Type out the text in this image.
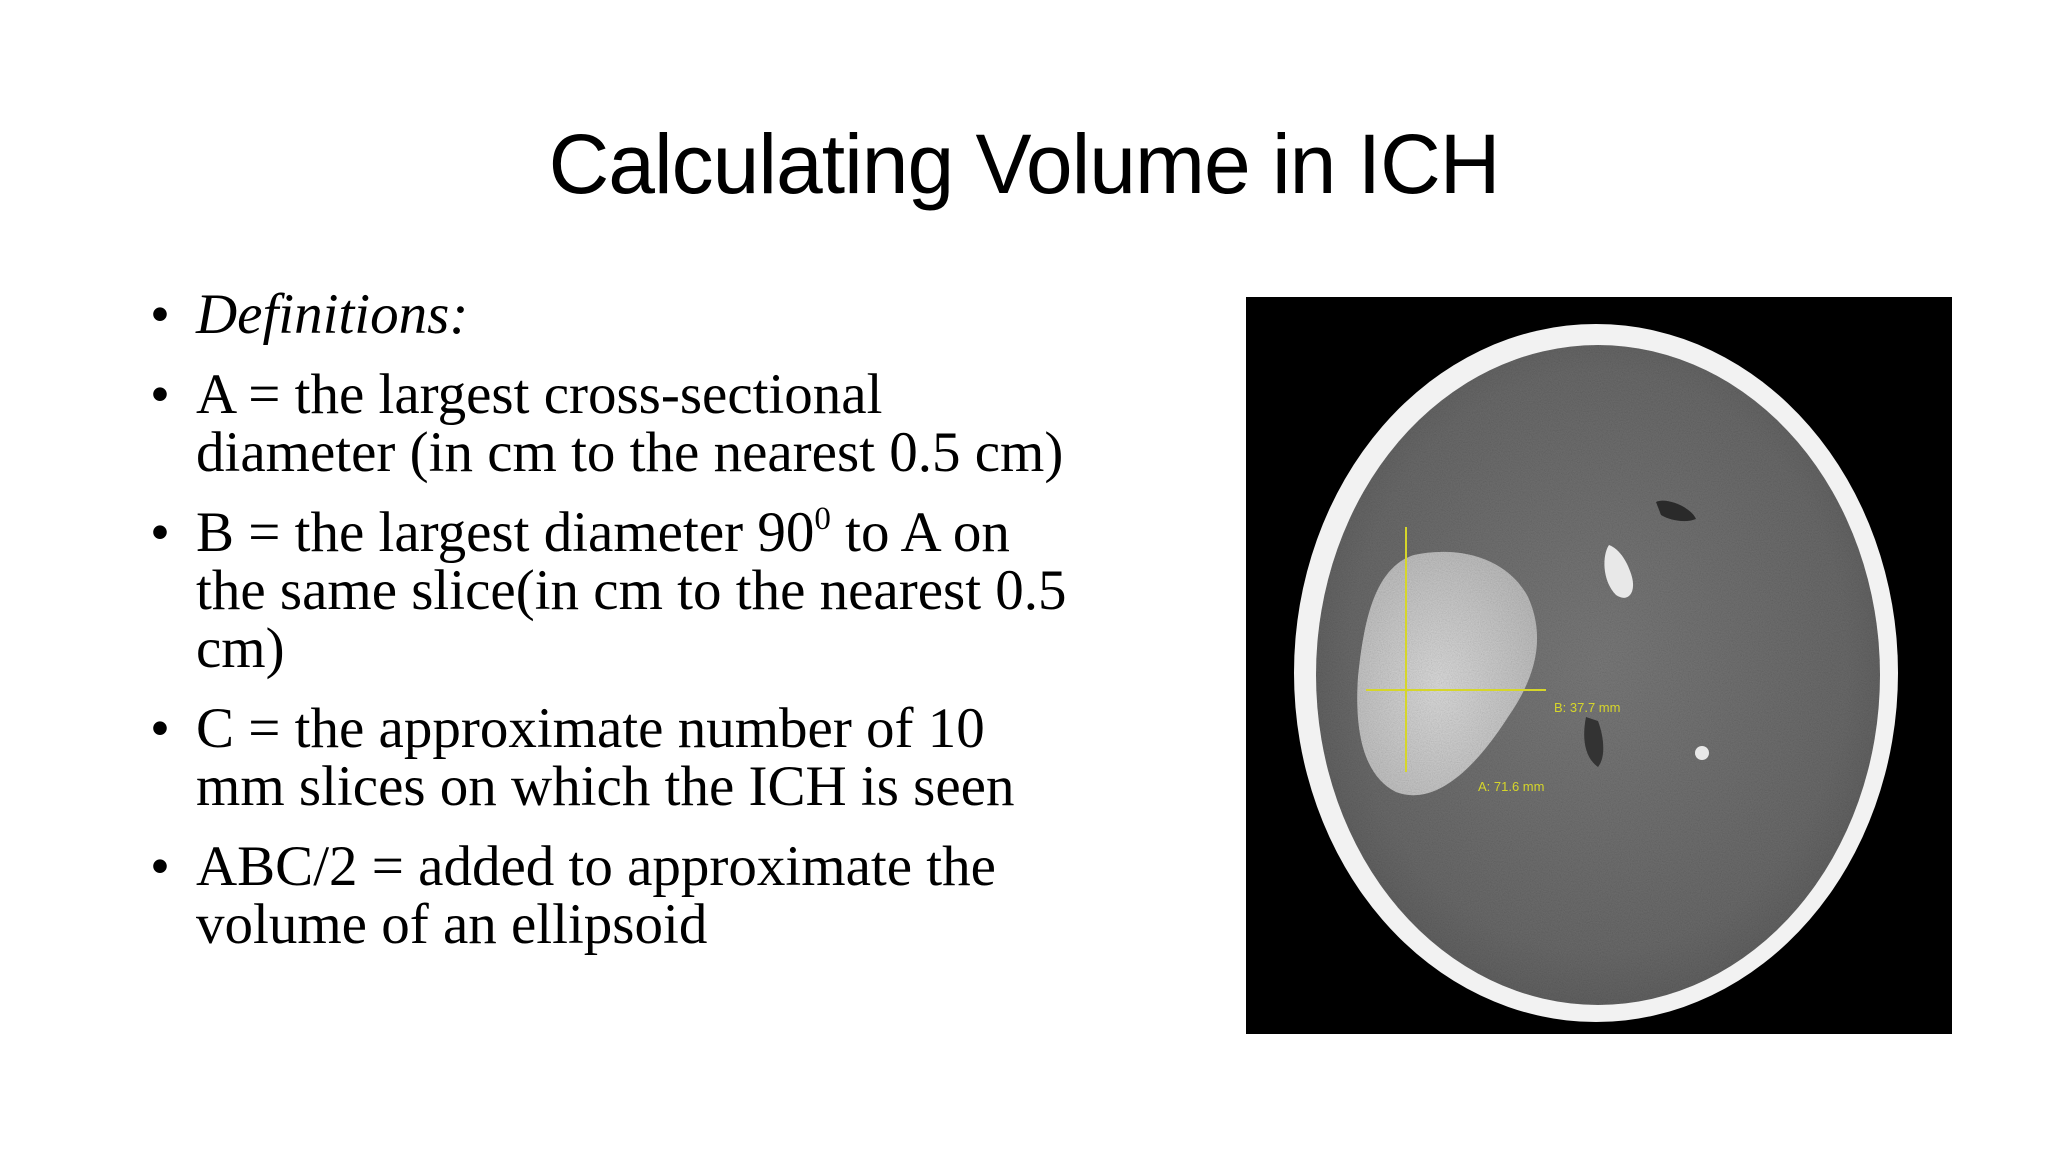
Calculating Volume in ICH
• Definitions:
• A = the largest cross-sectional diameter (in cm to the nearest 0.5 cm)
• B = the largest diameter $90^0$ to A on the same slice(in cm to the nearest 0.5 cm)
• C = the approximate number of 10 mm slices on which the ICH is seen
• ABC/2 = added to approximate the volume of an ellipsoid
B: 37.7 mm
A: 71.6 mm
